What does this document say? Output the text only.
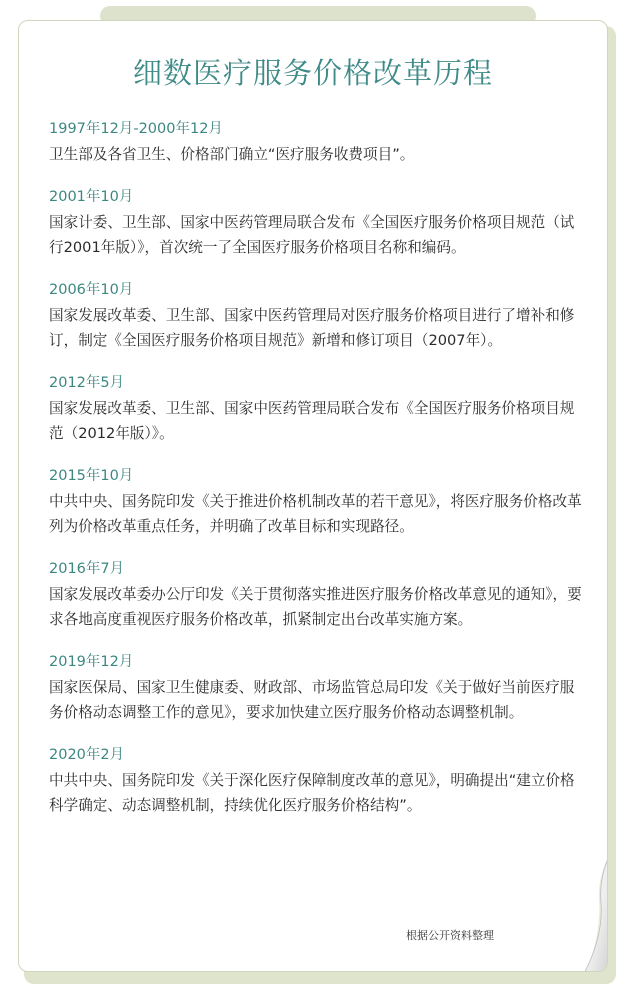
细数医疗服务价格改革历程
1997年12月-2000年12月
卫生部及各省卫生、价格部门确立“医疗服务收费项目”。
2001年10月
国家计委、卫生部、国家中医药管理局联合发布《全国医疗服务价格项目规范（试行2001年版）》，首次统一了全国医疗服务价格项目名称和编码。
2006年10月
国家发展改革委、卫生部、国家中医药管理局对医疗服务价格项目进行了增补和修订，制定《全国医疗服务价格项目规范》新增和修订项目（2007年）。
2012年5月
国家发展改革委、卫生部、国家中医药管理局联合发布《全国医疗服务价格项目规范（2012年版）》。
2015年10月
中共中央、国务院印发《关于推进价格机制改革的若干意见》，将医疗服务价格改革列为价格改革重点任务，并明确了改革目标和实现路径。
2016年7月
国家发展改革委办公厅印发《关于贯彻落实推进医疗服务价格改革意见的通知》，要求各地高度重视医疗服务价格改革，抓紧制定出台改革实施方案。
2019年12月
国家医保局、国家卫生健康委、财政部、市场监管总局印发《关于做好当前医疗服务价格动态调整工作的意见》，要求加快建立医疗服务价格动态调整机制。
2020年2月
中共中央、国务院印发《关于深化医疗保障制度改革的意见》，明确提出“建立价格科学确定、动态调整机制，持续优化医疗服务价格结构”。
根据公开资料整理
